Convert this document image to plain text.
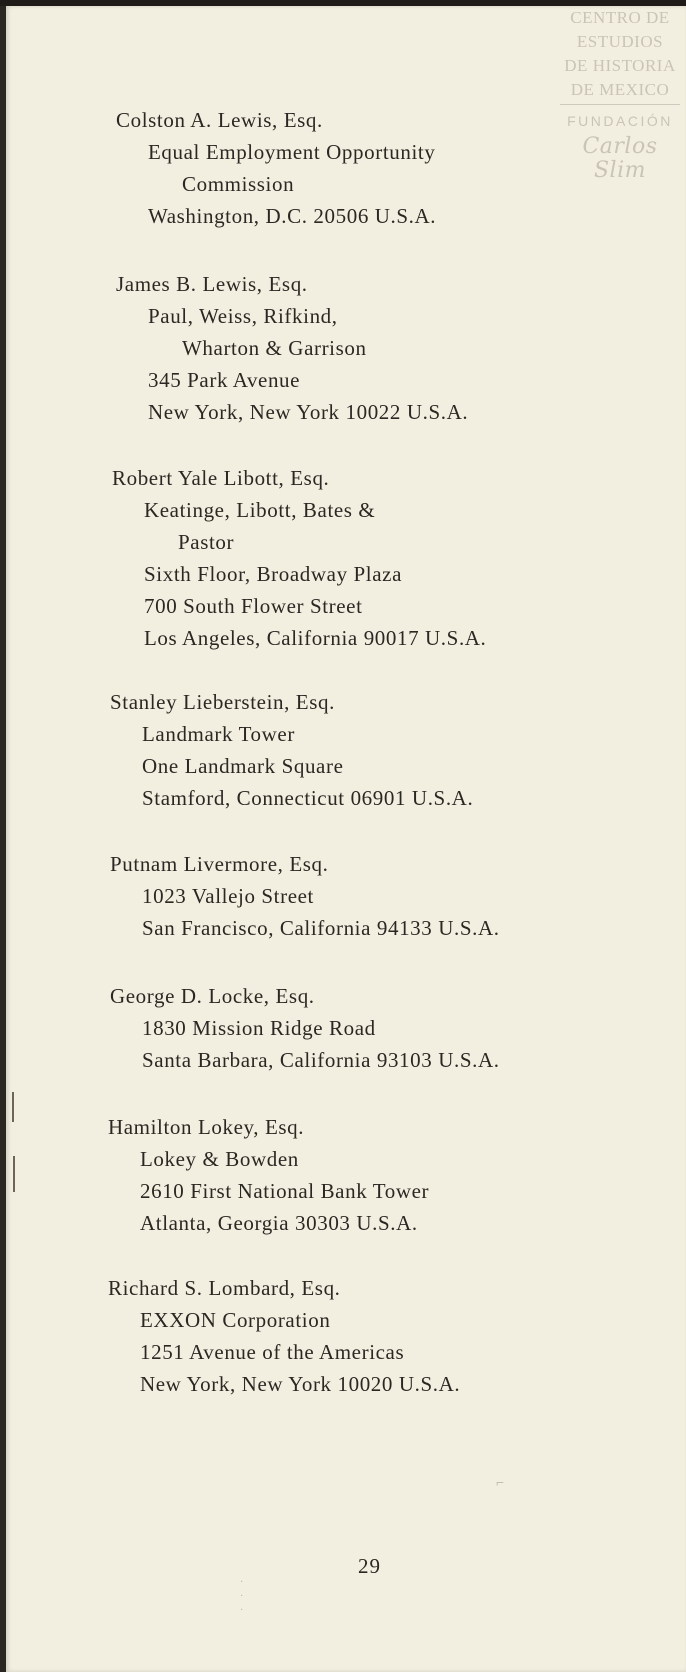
CENTRO DE
ESTUDIOS
DE HISTORIA
DE MEXICO
FUNDACIÓN
Carlos Slim
Colston A. Lewis, Esq.
Equal Employment Opportunity
Commission
Washington, D.C. 20506 U.S.A.
James B. Lewis, Esq.
Paul, Weiss, Rifkind,
Wharton & Garrison
345 Park Avenue
New York, New York 10022 U.S.A.
Robert Yale Libott, Esq.
Keatinge, Libott, Bates &
Pastor
Sixth Floor, Broadway Plaza
700 South Flower Street
Los Angeles, California 90017 U.S.A.
Stanley Lieberstein, Esq.
Landmark Tower
One Landmark Square
Stamford, Connecticut 06901 U.S.A.
Putnam Livermore, Esq.
1023 Vallejo Street
San Francisco, California 94133 U.S.A.
George D. Locke, Esq.
1830 Mission Ridge Road
Santa Barbara, California 93103 U.S.A.
Hamilton Lokey, Esq.
Lokey & Bowden
2610 First National Bank Tower
Atlanta, Georgia 30303 U.S.A.
Richard S. Lombard, Esq.
EXXON Corporation
1251 Avenue of the Americas
New York, New York 10020 U.S.A.
⌐
·
·
·
29
